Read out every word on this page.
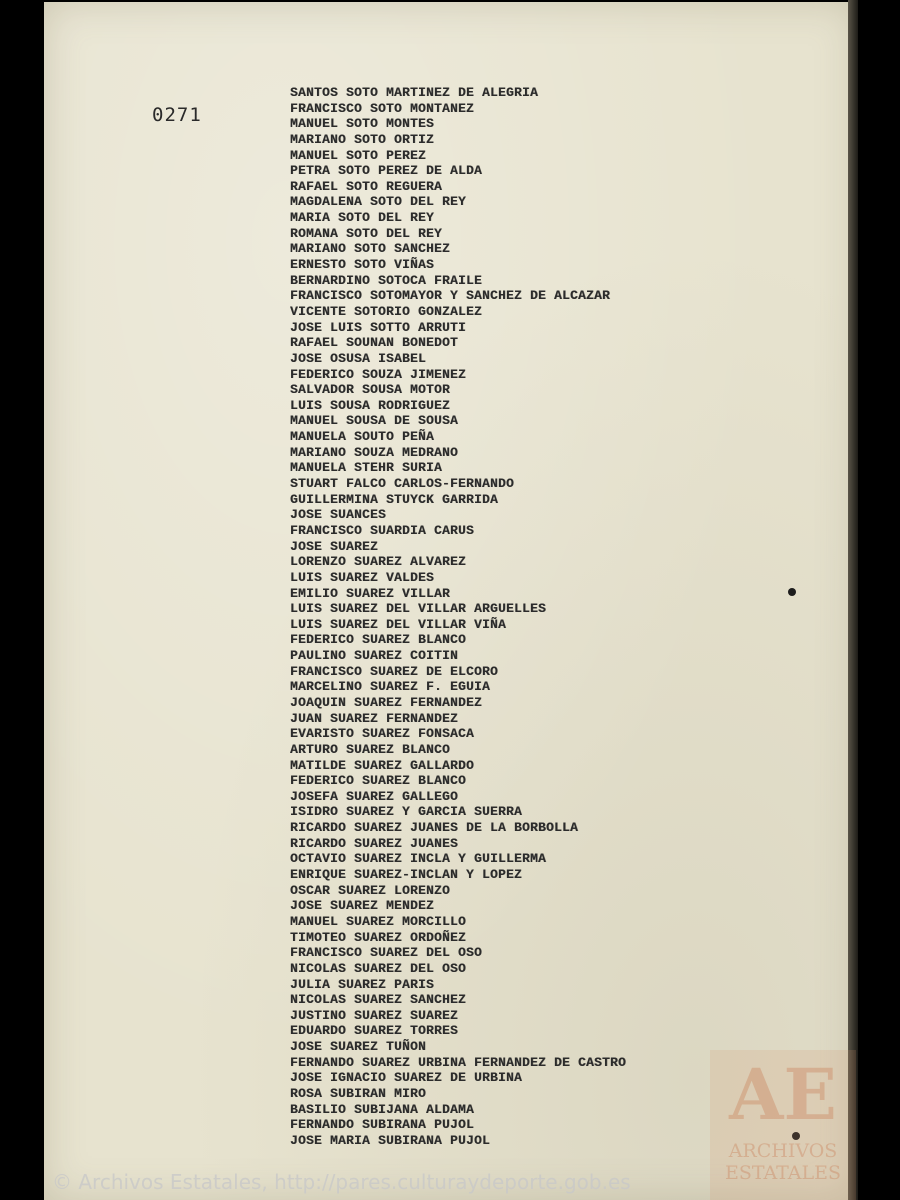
0271
SANTOS SOTO MARTINEZ DE ALEGRIA
FRANCISCO SOTO MONTANEZ
MANUEL SOTO MONTES
MARIANO SOTO ORTIZ
MANUEL SOTO PEREZ
PETRA SOTO PEREZ DE ALDA
RAFAEL SOTO REGUERA
MAGDALENA SOTO DEL REY
MARIA SOTO DEL REY
ROMANA SOTO DEL REY
MARIANO SOTO SANCHEZ
ERNESTO SOTO VIÑAS
BERNARDINO SOTOCA FRAILE
FRANCISCO SOTOMAYOR Y SANCHEZ DE ALCAZAR
VICENTE SOTORIO GONZALEZ
JOSE LUIS SOTTO ARRUTI
RAFAEL SOUNAN BONEDOT
JOSE OSUSA ISABEL
FEDERICO SOUZA JIMENEZ
SALVADOR SOUSA MOTOR
LUIS SOUSA RODRIGUEZ
MANUEL SOUSA DE SOUSA
MANUELA SOUTO PEÑA
MARIANO SOUZA MEDRANO
MANUELA STEHR SURIA
STUART FALCO CARLOS-FERNANDO
GUILLERMINA STUYCK GARRIDA
JOSE SUANCES
FRANCISCO SUARDIA CARUS
JOSE SUAREZ
LORENZO SUAREZ ALVAREZ
LUIS SUAREZ VALDES
EMILIO SUAREZ VILLAR
LUIS SUAREZ DEL VILLAR ARGUELLES
LUIS SUAREZ DEL VILLAR VIÑA
FEDERICO SUAREZ BLANCO
PAULINO SUAREZ COITIN
FRANCISCO SUAREZ DE ELCORO
MARCELINO SUAREZ F. EGUIA
JOAQUIN SUAREZ FERNANDEZ
JUAN SUAREZ FERNANDEZ
EVARISTO SUAREZ FONSACA
ARTURO SUAREZ BLANCO
MATILDE SUAREZ GALLARDO
FEDERICO SUAREZ BLANCO
JOSEFA SUAREZ GALLEGO
ISIDRO SUAREZ Y GARCIA SUERRA
RICARDO SUAREZ JUANES DE LA BORBOLLA
RICARDO SUAREZ JUANES
OCTAVIO SUAREZ INCLA Y GUILLERMA
ENRIQUE SUAREZ-INCLAN Y LOPEZ
OSCAR SUAREZ LORENZO
JOSE SUAREZ MENDEZ
MANUEL SUAREZ MORCILLO
TIMOTEO SUAREZ ORDOÑEZ
FRANCISCO SUAREZ DEL OSO
NICOLAS SUAREZ DEL OSO
JULIA SUAREZ PARIS
NICOLAS SUAREZ SANCHEZ
JUSTINO SUAREZ SUAREZ
EDUARDO SUAREZ TORRES
JOSE SUAREZ TUÑON
FERNANDO SUAREZ URBINA FERNANDEZ DE CASTRO
JOSE IGNACIO SUAREZ DE URBINA
ROSA SUBIRAN MIRO
BASILIO SUBIJANA ALDAMA
FERNANDO SUBIRANA PUJOL
JOSE MARIA SUBIRANA PUJOL
AE
ARCHIVOS ESTATALES
© Archivos Estatales, http://pares.culturaydeporte.gob.es
